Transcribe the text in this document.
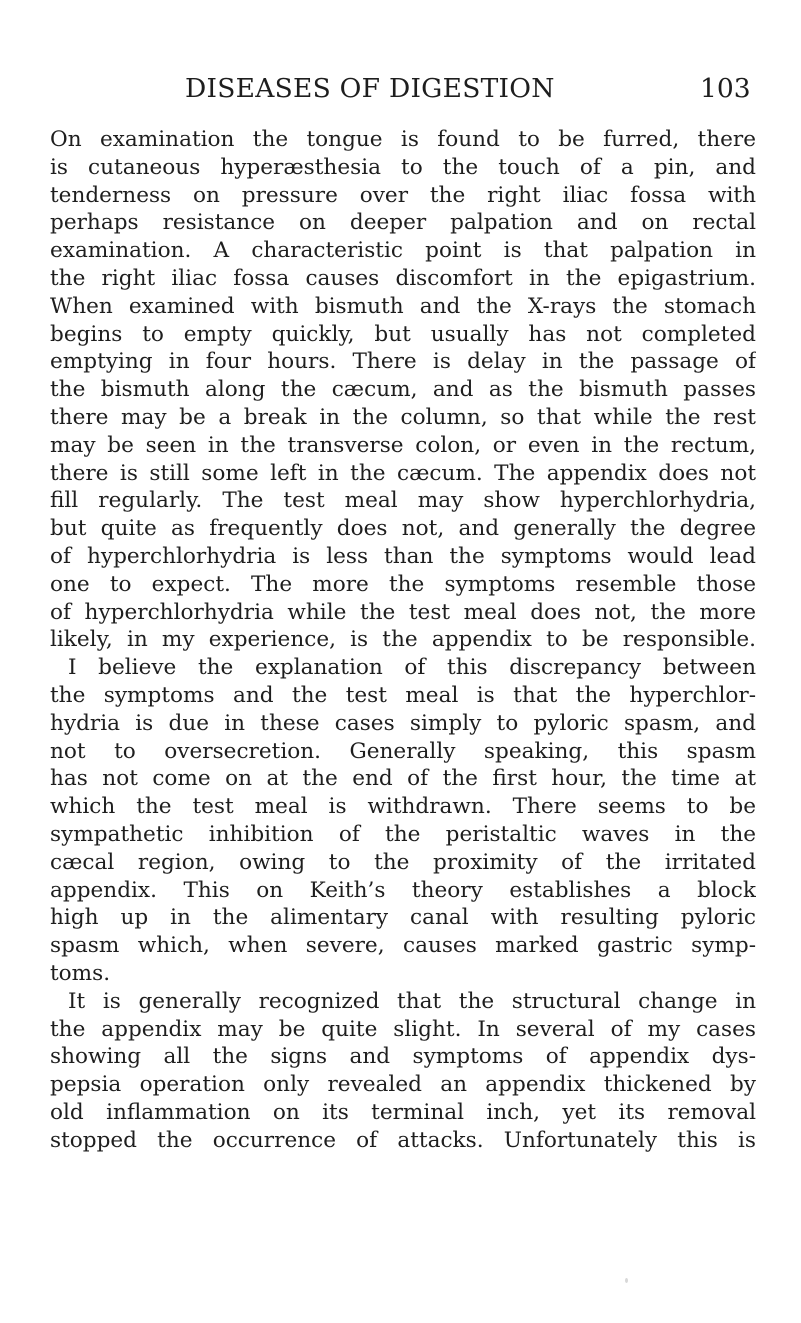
DISEASES OF DIGESTION	103
On examination the tongue is found to be furred, there
is cutaneous hyperæsthesia to the touch of a pin, and
tenderness on pressure over the right iliac fossa with
perhaps resistance on deeper palpation and on rectal
examination. A characteristic point is that palpation in
the right iliac fossa causes discomfort in the epigastrium.
When examined with bismuth and the X-rays the stomach
begins to empty quickly, but usually has not completed
emptying in four hours. There is delay in the passage of
the bismuth along the cæcum, and as the bismuth passes
there may be a break in the column, so that while the rest
may be seen in the transverse colon, or even in the rectum,
there is still some left in the cæcum. The appendix does not
fill regularly. The test meal may show hyperchlorhydria,
but quite as frequently does not, and generally the degree
of hyperchlorhydria is less than the symptoms would lead
one to expect. The more the symptoms resemble those
of hyperchlorhydria while the test meal does not, the more
likely, in my experience, is the appendix to be responsible.
I believe the explanation of this discrepancy between
the symptoms and the test meal is that the hyperchlor-
hydria is due in these cases simply to pyloric spasm, and
not to oversecretion. Generally speaking, this spasm
has not come on at the end of the first hour, the time at
which the test meal is withdrawn. There seems to be
sympathetic inhibition of the peristaltic waves in the
cæcal region, owing to the proximity of the irritated
appendix. This on Keith’s theory establishes a block
high up in the alimentary canal with resulting pyloric
spasm which, when severe, causes marked gastric symp-
toms.
It is generally recognized that the structural change in
the appendix may be quite slight. In several of my cases
showing all the signs and symptoms of appendix dys-
pepsia operation only revealed an appendix thickened by
old inflammation on its terminal inch, yet its removal
stopped the occurrence of attacks. Unfortunately this is
